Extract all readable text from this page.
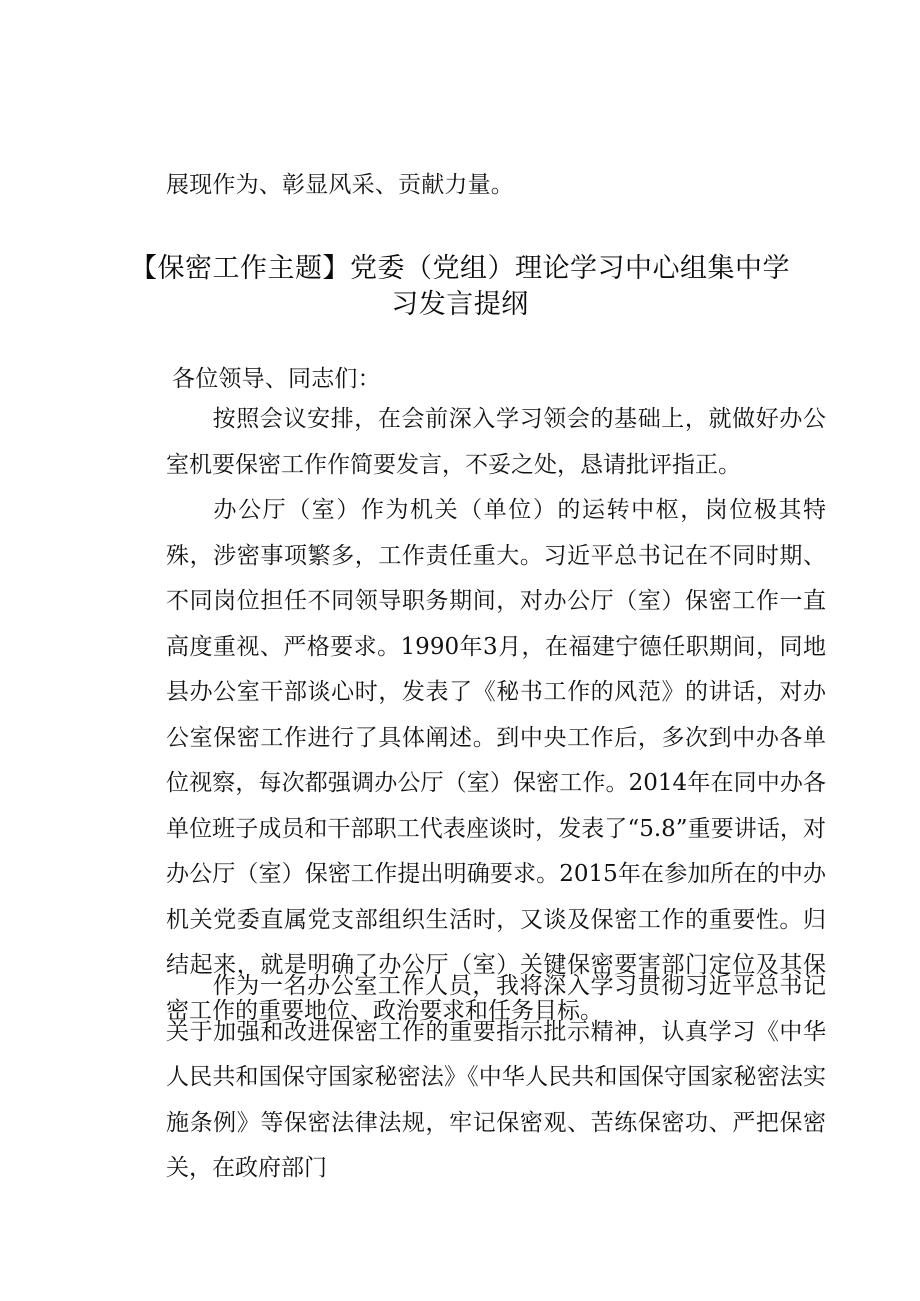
展现作为、彰显风采、贡献力量。
【保密工作主题】党委（党组）理论学习中心组集中学
习发言提纲
各位领导、同志们：
按照会议安排，在会前深入学习领会的基础上，就做好办公室机要保密工作作简要发言，不妥之处，恳请批评指正。
办公厅（室）作为机关（单位）的运转中枢，岗位极其特殊，涉密事项繁多，工作责任重大。习近平总书记在不同时期、不同岗位担任不同领导职务期间，对办公厅（室）保密工作一直高度重视、严格要求。1990年3月，在福建宁德任职期间，同地县办公室干部谈心时，发表了《秘书工作的风范》的讲话，对办公室保密工作进行了具体阐述。到中央工作后，多次到中办各单位视察，每次都强调办公厅（室）保密工作。2014年在同中办各单位班子成员和干部职工代表座谈时，发表了“5.8”重要讲话，对办公厅（室）保密工作提出明确要求。2015年在参加所在的中办机关党委直属党支部组织生活时，又谈及保密工作的重要性。归结起来，就是明确了办公厅（室）关键保密要害部门定位及其保密工作的重要地位、政治要求和任务目标。
作为一名办公室工作人员，我将深入学习贯彻习近平总书记关于加强和改进保密工作的重要指示批示精神，认真学习《中华人民共和国保守国家秘密法》《中华人民共和国保守国家秘密法实施条例》等保密法律法规，牢记保密观、苦练保密功、严把保密关，在政府部门
